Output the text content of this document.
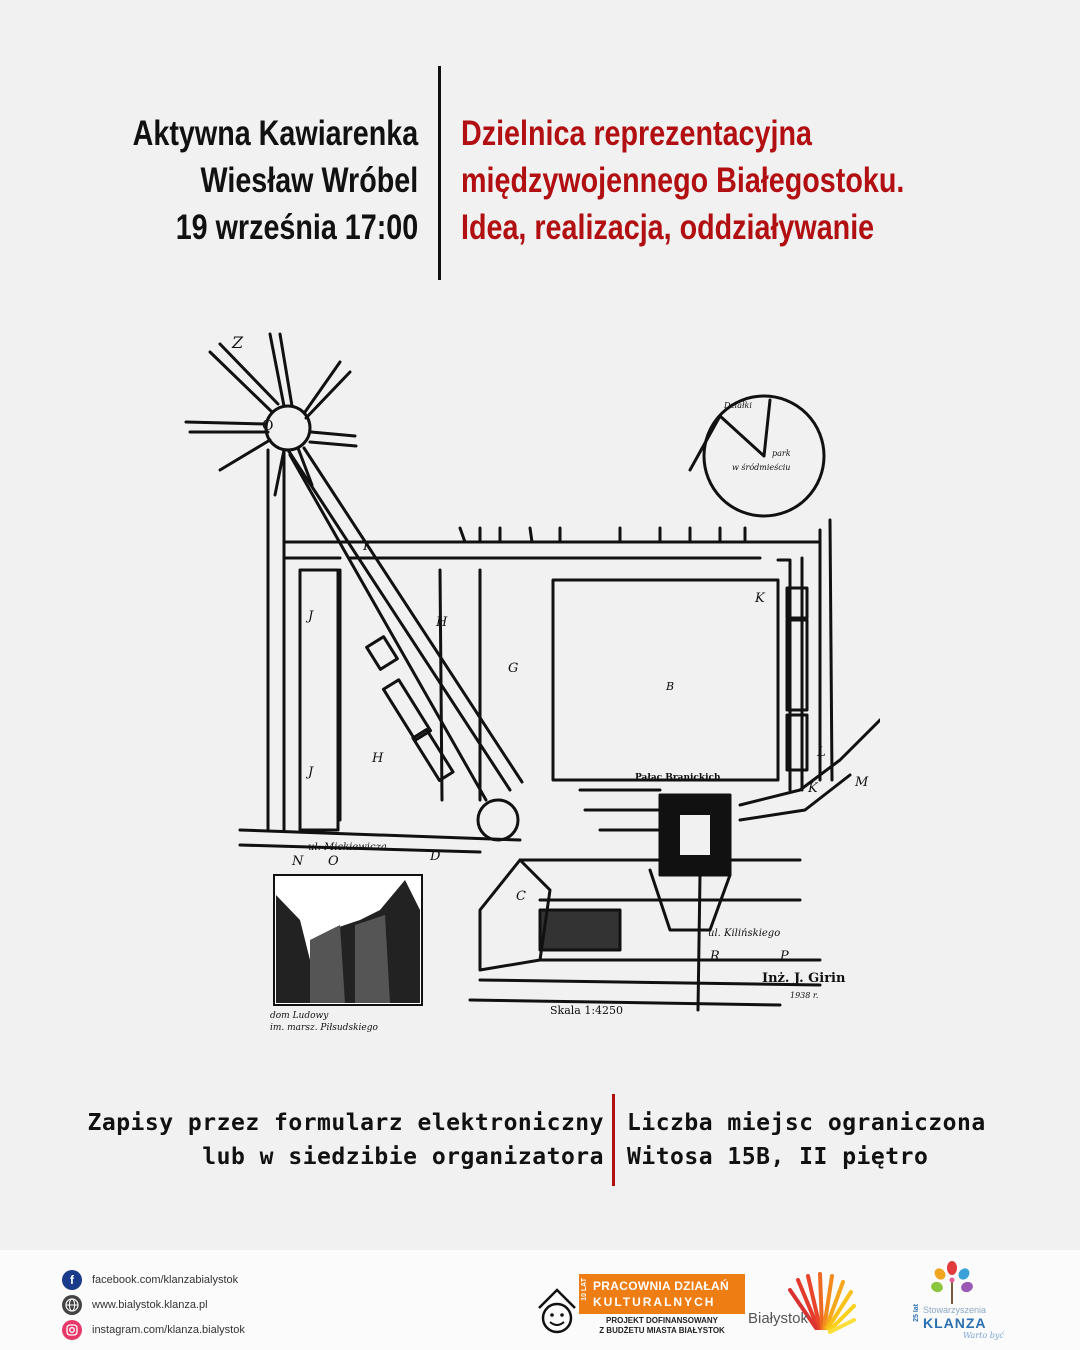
Aktywna Kawiarenka
Wiesław Wróbel
19 września 17:00
Dzielnica reprezentacyjna
międzywojennego Białegostoku.
Idea, realizacja, oddziaływanie
O
Z
K
J	H
G
B
J
H
K
L
K	M
A
Pałac Branickich
ul. Mickiewicza
N O
C
D
ul. Kilińskiego
R	P
Inż. J. Girin
1938 r.
Skala 1:4250
Działki
park
w śródmieściu
dom Ludowy
im. marsz. Piłsudskiego
Zapisy przez formularz elektroniczny
lub w siedzibie organizatora
Liczba miejsc ograniczona
Witosa 15B, II piętro
f	facebook.com/klanzabialystok
www.bialystok.klanza.pl
instagram.com/klanza.bialystok
10 LAT PRACOWNIA DZIAŁAŃ
KULTURALNYCH
PROJEKT DOFINANSOWANY
Z BUDŻETU MIASTA BIAŁYSTOK
Białystok	25 lat Stowarzyszenia
KLANZA
Warto być
